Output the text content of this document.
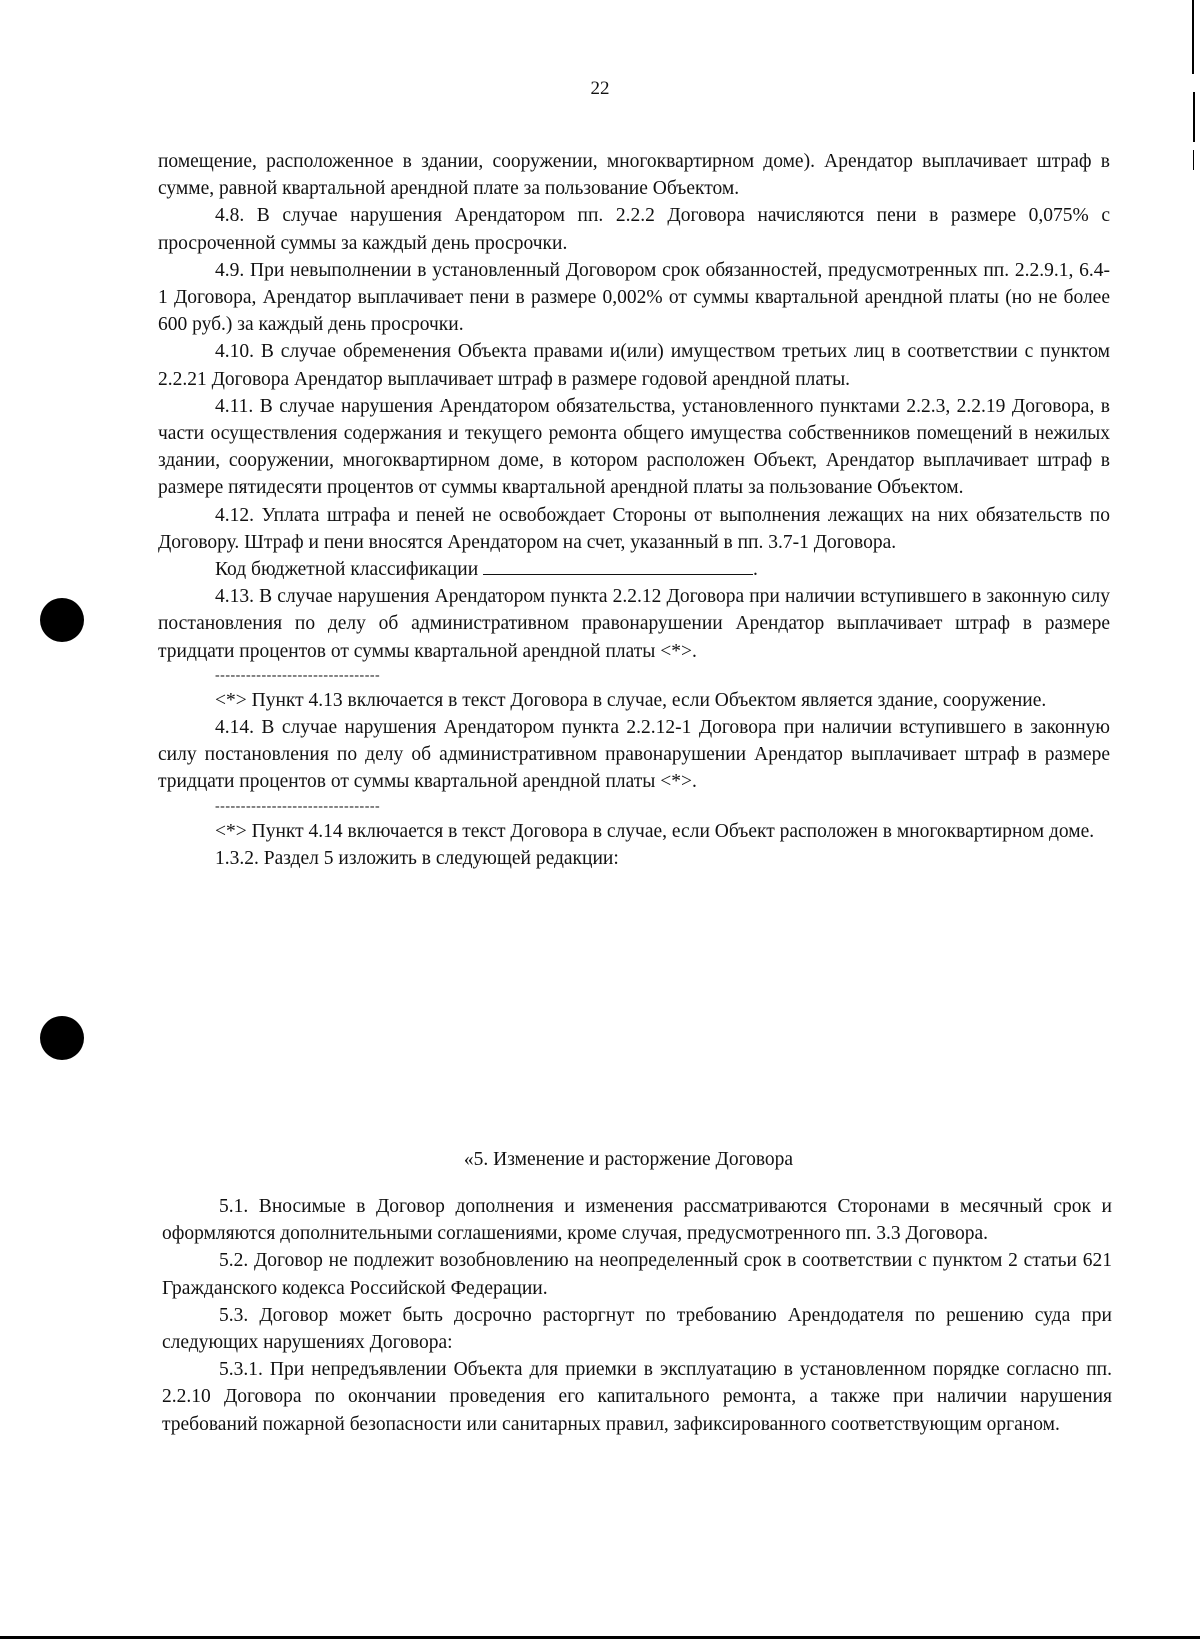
22

помещение, расположенное в здании, сооружении, многоквартирном доме). Арендатор выплачивает штраф в сумме, равной квартальной арендной плате за пользование Объектом.

4.8. В случае нарушения Арендатором пп. 2.2.2 Договора начисляются пени в размере 0,075% с просроченной суммы за каждый день просрочки.

4.9. При невыполнении в установленный Договором срок обязанностей, предусмотренных пп. 2.2.9.1, 6.4-1 Договора, Арендатор выплачивает пени в размере 0,002% от суммы квартальной арендной платы (но не более 600 руб.) за каждый день просрочки.

4.10. В случае обременения Объекта правами и(или) имуществом третьих лиц в соответствии с пунктом 2.2.21 Договора Арендатор выплачивает штраф в размере годовой арендной платы.

4.11. В случае нарушения Арендатором обязательства, установленного пунктами 2.2.3, 2.2.19 Договора, в части осуществления содержания и текущего ремонта общего имущества собственников помещений в нежилых здании, сооружении, многоквартирном доме, в котором расположен Объект, Арендатор выплачивает штраф в размере пятидесяти процентов от суммы квартальной арендной платы за пользование Объектом.

4.12. Уплата штрафа и пеней не освобождает Стороны от выполнения лежащих на них обязательств по Договору. Штраф и пени вносятся Арендатором на счет, указанный в пп. 3.7-1 Договора.

Код бюджетной классификации	.

4.13. В случае нарушения Арендатором пункта 2.2.12 Договора при наличии вступившего в законную силу постановления по делу об административном правонарушении Арендатор выплачивает штраф в размере тридцати процентов от суммы квартальной арендной платы <*>.

--------------------------------

<*> Пункт 4.13 включается в текст Договора в случае, если Объектом является здание, сооружение.

4.14. В случае нарушения Арендатором пункта 2.2.12-1 Договора при наличии вступившего в законную силу постановления по делу об административном правонарушении Арендатор выплачивает штраф в размере тридцати процентов от суммы квартальной арендной платы <*>.

--------------------------------

<*> Пункт 4.14 включается в текст Договора в случае, если Объект расположен в многоквартирном доме.

1.3.2. Раздел 5 изложить в следующей редакции:

«5. Изменение и расторжение Договора

5.1. Вносимые в Договор дополнения и изменения рассматриваются Сторонами в месячный срок и оформляются дополнительными соглашениями, кроме случая, предусмотренного пп. 3.3 Договора.

5.2. Договор не подлежит возобновлению на неопределенный срок в соответствии с пунктом 2 статьи 621 Гражданского кодекса Российской Федерации.

5.3. Договор может быть досрочно расторгнут по требованию Арендодателя по решению суда при следующих нарушениях Договора:

5.3.1. При непредъявлении Объекта для приемки в эксплуатацию в установленном порядке согласно пп. 2.2.10 Договора по окончании проведения его капитального ремонта, а также при наличии нарушения требований пожарной безопасности или санитарных правил, зафиксированного соответствующим органом.
